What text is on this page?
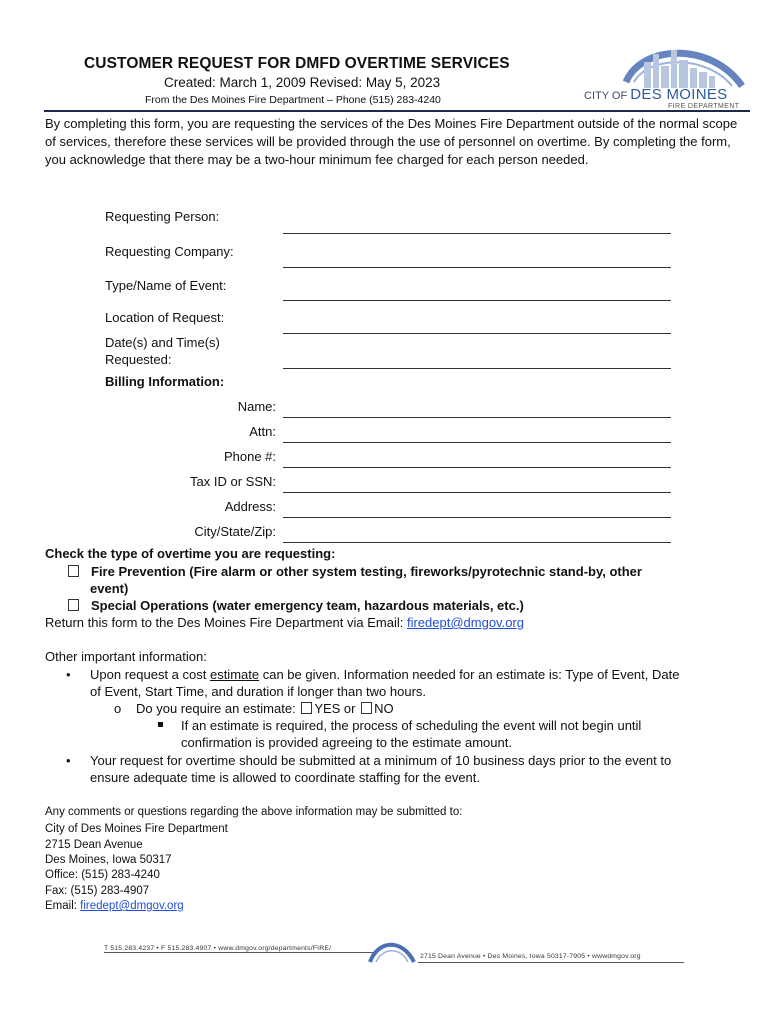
CUSTOMER REQUEST FOR DMFD OVERTIME SERVICES
Created: March 1, 2009 Revised: May 5, 2023
From the Des Moines Fire Department – Phone (515) 283-4240	CITY OF DES MOINES
FIRE DEPARTMENT
By completing this form, you are requesting the services of the Des Moines Fire Department outside of the normal scope of services, therefore these services will be provided through the use of personnel on overtime. By completing the form, you acknowledge that there may be a two-hour minimum fee charged for each person needed.
Requesting Person:
Requesting Company:
Type/Name of Event:
Location of Request:
Date(s) and Time(s)
Requested:
Billing Information:
Name:
Attn:
Phone #:
Tax ID or SSN:
Address:
City/State/Zip:
Check the type of overtime you are requesting:
Fire Prevention (Fire alarm or other system testing, fireworks/pyrotechnic stand-by, other
event)
Special Operations (water emergency team, hazardous materials, etc.)
Return this form to the Des Moines Fire Department via Email: firedept@dmgov.org
Other important information:
• Upon request a cost estimate can be given. Information needed for an estimate is: Type of Event, Date
of Event, Start Time, and duration if longer than two hours.
o Do you require an estimate: YES or NO
If an estimate is required, the process of scheduling the event will not begin until
confirmation is provided agreeing to the estimate amount.
• Your request for overtime should be submitted at a minimum of 10 business days prior to the event to
ensure adequate time is allowed to coordinate staffing for the event.
Any comments or questions regarding the above information may be submitted to:
City of Des Moines Fire Department
2715 Dean Avenue
Des Moines, Iowa 50317
Office: (515) 283-4240
Fax: (515) 283-4907
Email: firedept@dmgov.org
T 515.283.4237 • F 515.283.4907 • www.dmgov.org/departments/FIRE/
2715 Dean Avenue • Des Moines, Iowa 50317-7905 • wwwdmgov.org
